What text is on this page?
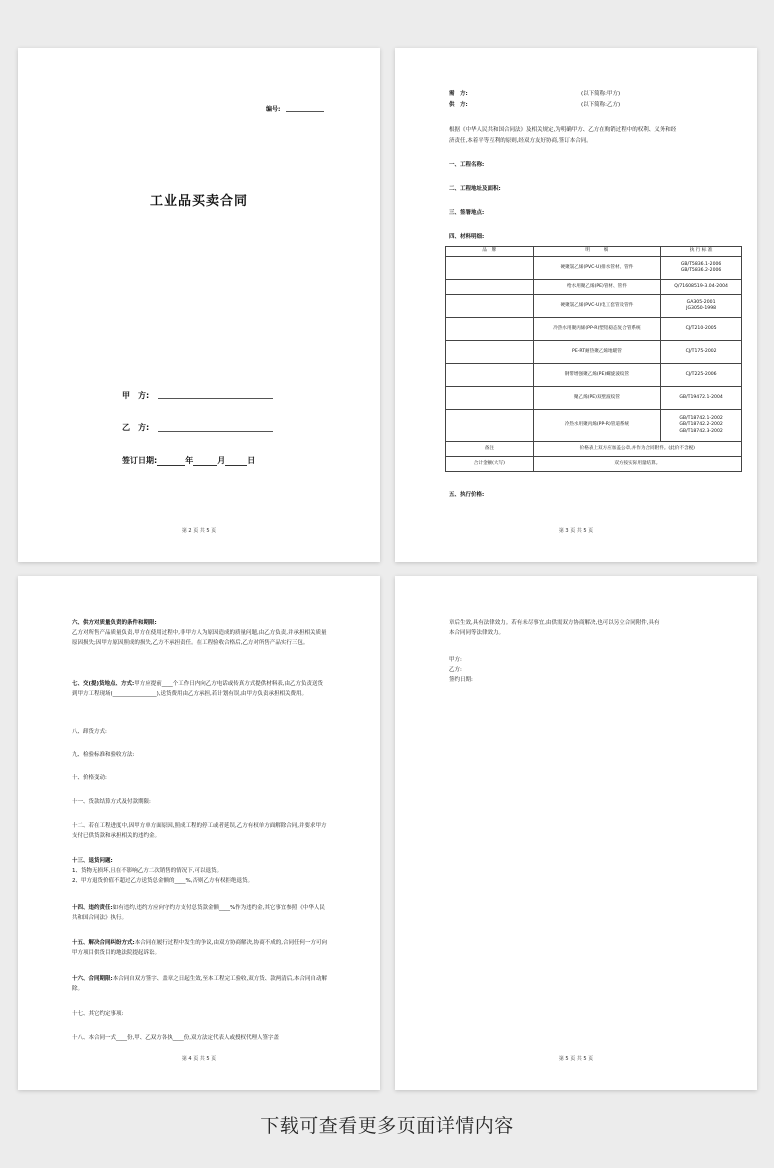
编号:
工业品买卖合同
甲　方:
乙　方:
签订日期:	年	月	日
第 2 页 共 5 页
需　方:	(以下简称:甲方)
供　方:	(以下简称:乙方)
根据《中华人民共和国合同法》及相关规定,为明确甲方、乙方在购销过程中的权利、义务和经
济责任,本着平等互利的原则,经双方友好协商,签订本合同。
一、工程名称:
二、工程地址及面积:
三、签署地点:
四、材料明细:
品　牌	明　　　细	执 行 标 准
	硬聚氯乙烯(PVC-U)排水管材、管件	GB/T5836.1-2006
GB/T5836.2-2006

	给水用聚乙烯(PE)管材、管件	Q/71608519-3.04-2004
	硬聚氯乙烯(PVC-U)电工套管及管件	GA305-2001
JG3050-1998

	冷热水用聚丙烯(PP-R)塑铝稳态复合管系统	CJ/T210-2005
	PE-RT耐热聚乙烯地暖管	CJ/T175-2002
	钢带增强聚乙烯(PE)螺旋波纹管	CJ/T225-2006
	聚乙烯(PE)双壁波纹管	GB/T19472.1-2004
	冷热水用聚丙烯(PP-R)管道系统	GB/T18742.1-2002
GB/T18742.2-2002
GB/T18742.3-2002

备注	价格表上双方应加盖公章,并作为合同附件。(此价不含税)	
合计金额(大写)	双方按实际用量结算。	
五、执行价格:
第 3 页 共 5 页
六、供方对质量负责的条件和期限:
乙方对所售产品质量负责,甲方在使用过程中,非甲方人为原因造成的质量问题,由乙方负责,并承担相关质量原因损失;因甲方原因照成的损失,乙方不承担责任。在工程验收合格后,乙方对所售产品实行三包。
七、交(提)货地点、方式:甲方应提前____个工作日内向乙方电话或传真方式提供材料表,由乙方负责送货到甲方工程现场(________________),送货费用由乙方承担,若计划有误,由甲方负责承担相关费用。
八、卸货方式:
九、检验标准和验收方法:
十、价格变动:
十一、货款结算方式及付款期限:
十二、若在工程进度中,因甲方单方面原因,照成工程的停工或者延误,乙方有权单方面解除合同,并要求甲方支付已供货款和承担相关的违约金。
十三、退货问题:
1、货物无损坏,且在不影响乙方二次销售的情况下,可以退货。
2、甲方退货价值不超过乙方送货总金额的____%,否则乙方有权拒绝退货。
十四、违约责任:如有违约,违约方应向守约方支付总货款金额____%作为违约金,其它事宜参照《中华人民共和国合同法》执行。
十五、解决合同纠纷方式:本合同在履行过程中发生的争议,由双方协商解决,协商不成的,合同任何一方可向甲方项目供货目的地法院提起诉讼。
十六、合同期限:本合同自双方签字、盖章之日起生效,至本工程完工验收,双方货、款两清后,本合同自动解除。
十七、其它约定事项:
十八、本合同一式____份,甲、乙双方各执____份,双方法定代表人或授权代理人签字盖
第 4 页 共 5 页
章后生效,具有法律效力。若有未尽事宜,由供需双方协商解决,也可以另立合同附件,具有
本合同同等法律效力。
甲方:
乙方:
签约日期:
第 5 页 共 5 页
下载可查看更多页面详情内容
